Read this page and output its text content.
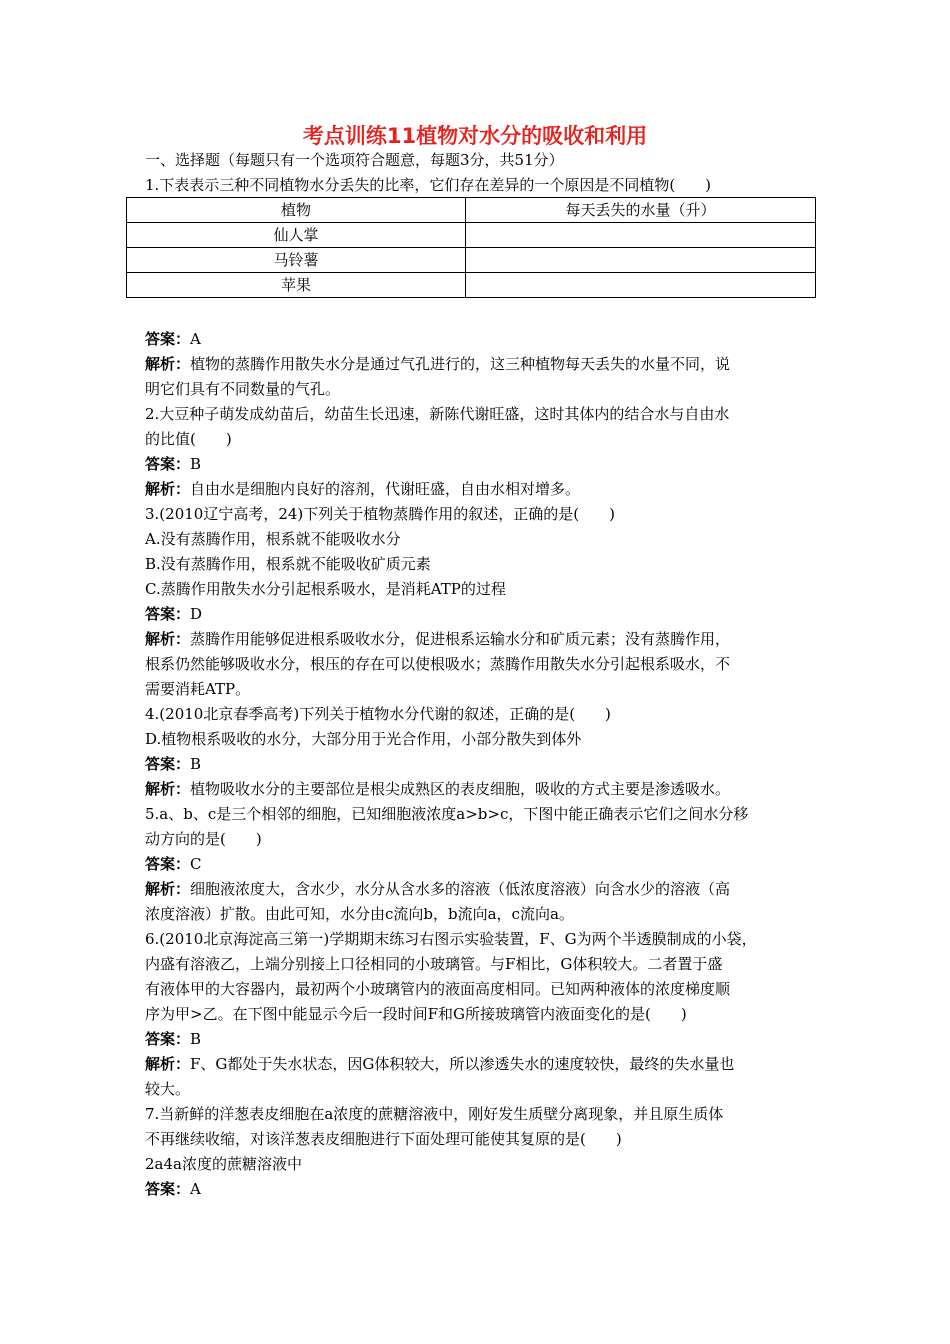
考点训练11植物对水分的吸收和利用
一、选择题（每题只有一个选项符合题意，每题3分，共51分）
1.下表表示三种不同植物水分丢失的比率，它们存在差异的一个原因是不同植物(　　)
植物	每天丢失的水量（升）
仙人掌	
马铃薯	
苹果	
答案：A
解析：植物的蒸腾作用散失水分是通过气孔进行的，这三种植物每天丢失的水量不同，说
明它们具有不同数量的气孔。
2.大豆种子萌发成幼苗后，幼苗生长迅速，新陈代谢旺盛，这时其体内的结合水与自由水
的比值(　　)
答案：B
解析：自由水是细胞内良好的溶剂，代谢旺盛，自由水相对增多。
3.(2010辽宁高考，24)下列关于植物蒸腾作用的叙述，正确的是(　　)
A.没有蒸腾作用，根系就不能吸收水分
B.没有蒸腾作用，根系就不能吸收矿质元素
C.蒸腾作用散失水分引起根系吸水，是消耗ATP的过程
答案：D
解析：蒸腾作用能够促进根系吸收水分，促进根系运输水分和矿质元素；没有蒸腾作用，
根系仍然能够吸收水分，根压的存在可以使根吸水；蒸腾作用散失水分引起根系吸水，不
需要消耗ATP。
4.(2010北京春季高考)下列关于植物水分代谢的叙述，正确的是(　　)
D.植物根系吸收的水分，大部分用于光合作用，小部分散失到体外
答案：B
解析：植物吸收水分的主要部位是根尖成熟区的表皮细胞，吸收的方式主要是渗透吸水。
5.a、b、c是三个相邻的细胞，已知细胞液浓度a>b>c，下图中能正确表示它们之间水分移
动方向的是(　　)
答案：C
解析：细胞液浓度大，含水少，水分从含水多的溶液（低浓度溶液）向含水少的溶液（高
浓度溶液）扩散。由此可知，水分由c流向b，b流向a，c流向a。
6.(2010北京海淀高三第一)学期期末练习右图示实验装置，F、G为两个半透膜制成的小袋，
内盛有溶液乙，上端分别接上口径相同的小玻璃管。与F相比，G体积较大。二者置于盛
有液体甲的大容器内，最初两个小玻璃管内的液面高度相同。已知两种液体的浓度梯度顺
序为甲>乙。在下图中能显示今后一段时间F和G所接玻璃管内液面变化的是(　　)
答案：B
解析：F、G都处于失水状态，因G体积较大，所以渗透失水的速度较快，最终的失水量也
较大。
7.当新鲜的洋葱表皮细胞在a浓度的蔗糖溶液中，刚好发生质壁分离现象，并且原生质体
不再继续收缩，对该洋葱表皮细胞进行下面处理可能使其复原的是(　　)
2a4a浓度的蔗糖溶液中
答案：A
